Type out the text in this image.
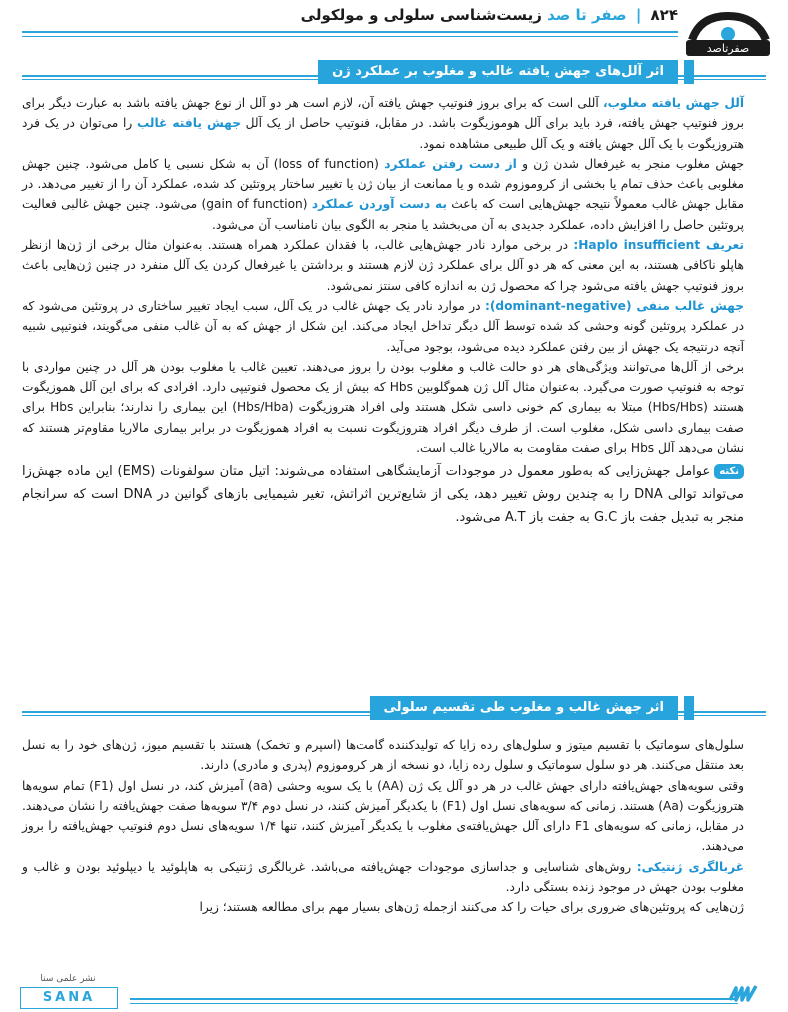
۸۲۴ | صفر تا صد زیست‌شناسی سلولی و مولکولی
صفرتاصد
اثر آلل‌های جهش یافته غالب و مغلوب بر عملکرد ژن

آلل جهش یافته مغلوب، آللی است که برای بروز فنوتیپ جهش یافته آن، لازم است هر دو آلل از نوع جهش یافته باشد به عبارت دیگر برای بروز فنوتیپ جهش یافته، فرد باید برای آلل هوموزیگوت باشد. در مقابل، فنوتیپ حاصل از یک آلل جهش یافته غالب را می‌توان در یک فرد هتروزیگوت با یک آلل جهش یافته و یک آلل طبیعی مشاهده نمود.

جهش مغلوب منجر به غیرفعال شدن ژن و از دست رفتن عملکرد (loss of function) آن به شکل نسبی یا کامل می‌شود. چنین جهش مغلوبی باعث حذف تمام یا بخشی از کروموزوم شده و یا ممانعت از بیان ژن یا تغییر ساختار پروتئین کد شده، عملکرد آن را از تغییر می‌دهد. در مقابل جهش غالب معمولاً نتیجه جهش‌هایی است که باعث به دست آوردن عملکرد (gain of function) می‌شود. چنین جهش غالبی فعالیت پروتئین حاصل را افزایش داده، عملکرد جدیدی به آن می‌بخشد یا منجر به الگوی بیان نامناسب آن می‌شود.

تعریف Haplo insufficient: در برخی موارد نادر جهش‌هایی غالب، با فقدان عملکرد همراه هستند. به‌عنوان مثال برخی از ژن‌ها ازنظر هاپلو ناکافی هستند، به این معنی که هر دو آلل برای عملکرد ژن لازم هستند و برداشتن یا غیرفعال کردن یک آلل منفرد در چنین ژن‌هایی باعث بروز فنوتیپ جهش یافته می‌شود چرا که محصول ژن به اندازه کافی سنتز نمی‌شود.

جهش غالب منفی (dominant-negative): در موارد نادر یک جهش غالب در یک آلل، سبب ایجاد تغییر ساختاری در پروتئین می‌شود که در عملکرد پروتئین گونه وحشی کد شده توسط آلل دیگر تداخل ایجاد می‌کند. این شکل از جهش که به آن غالب منفی می‌گویند، فنوتیپی شبیه آنچه درنتیجه یک جهش از بین رفتن عملکرد دیده می‌شود، بوجود می‌آید.

برخی از آلل‌ها می‌توانند ویژگی‌های هر دو حالت غالب و مغلوب بودن را بروز می‌دهند. تعیین غالب یا مغلوب بودن هر آلل در چنین مواردی با توجه به فنوتیپ صورت می‌گیرد. به‌عنوان مثال آلل ژن هموگلوبین Hbs که بیش از یک محصول فنوتیپی دارد. افرادی که برای این آلل هموزیگوت هستند (Hbs/Hbs) مبتلا به بیماری کم خونی داسی شکل هستند ولی افراد هتروزیگوت (Hbs/Hba) این بیماری را ندارند؛ بنابراین Hbs برای صفت بیماری داسی شکل، مغلوب است. از طرف دیگر افراد هتروزیگوت نسبت به افراد هموزیگوت در برابر بیماری مالاریا مقاوم‌تر هستند که نشان می‌دهد آلل Hbs برای صفت مقاومت به مالاریا غالب است.

نکتهعوامل جهش‌زایی که به‌طور معمول در موجودات آزمایشگاهی استفاده می‌شوند: اتیل متان سولفونات (EMS) این ماده جهش‌زا می‌تواند توالی DNA را به چندین روش تغییر دهد، یکی از شایع‌ترین اثراتش، تغیر شیمیایی بازهای گوانین در DNA است که سرانجام منجر به تبدیل جفت باز G.C به جفت باز A.T می‌شود.

اثر جهش غالب و مغلوب طی تقسیم سلولی

سلول‌های سوماتیک با تقسیم میتوز و سلول‌های رده زایا که تولیدکننده گامت‌ها (اسپرم و تخمک) هستند با تقسیم میوز، ژن‌های خود را به نسل بعد منتقل می‌کنند. هر دو سلول سوماتیک و سلول رده زایا، دو نسخه از هر کروموزوم (پدری و مادری) دارند.

وقتی سویه‌های جهش‌یافته دارای جهش غالب در هر دو آلل یک ژن (AA) با یک سویه وحشی (aa) آمیزش کند، در نسل اول (F1) تمام سویه‌ها هتروزیگوت (Aa) هستند. زمانی که سویه‌های نسل اول (F1) با یکدیگر آمیزش کنند، در نسل دوم ۳/۴ سویه‌ها صفت جهش‌یافته را نشان می‌دهند. در مقابل، زمانی که سویه‌های F1 دارای آلل جهش‌یافته‌ی مغلوب با یکدیگر آمیزش کنند، تنها ۱/۴ سویه‌های نسل دوم فنوتیپ جهش‌یافته را بروز می‌دهند.

غربالگری ژنتیکی: روش‌های شناسایی و جداسازی موجودات جهش‌یافته می‌باشد. غربالگری ژنتیکی به هاپلوئید یا دیپلوئید بودن و غالب و مغلوب بودن جهش در موجود زنده بستگی دارد.

ژن‌هایی که پروتئین‌های ضروری برای حیات را کد می‌کنند ازجمله ژن‌های بسیار مهم برای مطالعه هستند؛ زیرا

نشر علمی سنا
SANA
